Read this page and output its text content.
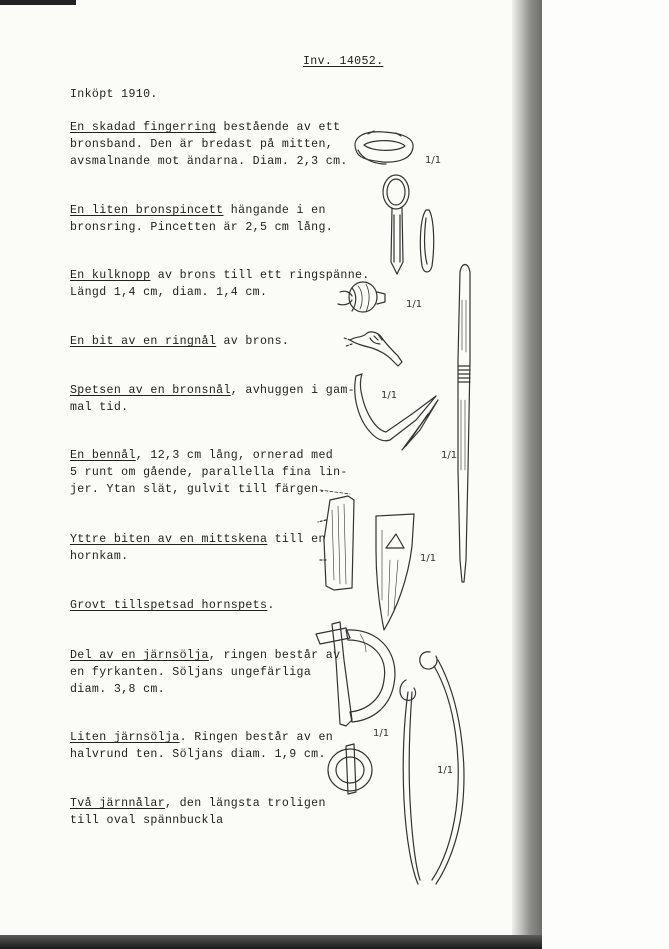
Inv. 14052.
Inköpt 1910.
En skadad fingerring bestående av ett
bronsband. Den är bredast på mitten,
avsmalnande mot ändarna. Diam. 2,3 cm.
En liten bronspincett hängande i en
bronsring. Pincetten är 2,5 cm lång.
En kulknopp av brons till ett ringspänne.
Längd 1,4 cm, diam. 1,4 cm.
En bit av en ringnål av brons.
Spetsen av en bronsnål, avhuggen i gam-
mal tid.
En bennål, 12,3 cm lång, ornerad med
5 runt om gående, parallella fina lin-
jer. Ytan slät, gulvit till färgen.
Yttre biten av en mittskena till en
hornkam.
Grovt tillspetsad hornspets.
Del av en järnsölja, ringen består av
en fyrkanten. Söljans ungefärliga
diam. 3,8 cm.
Liten järnsölja. Ringen består av en
halvrund ten. Söljans diam. 1,9 cm.
Två järnnålar, den längsta troligen
till oval spännbuckla
1/1
1/1
1/1
1/1
1/1
1/1
1/1
